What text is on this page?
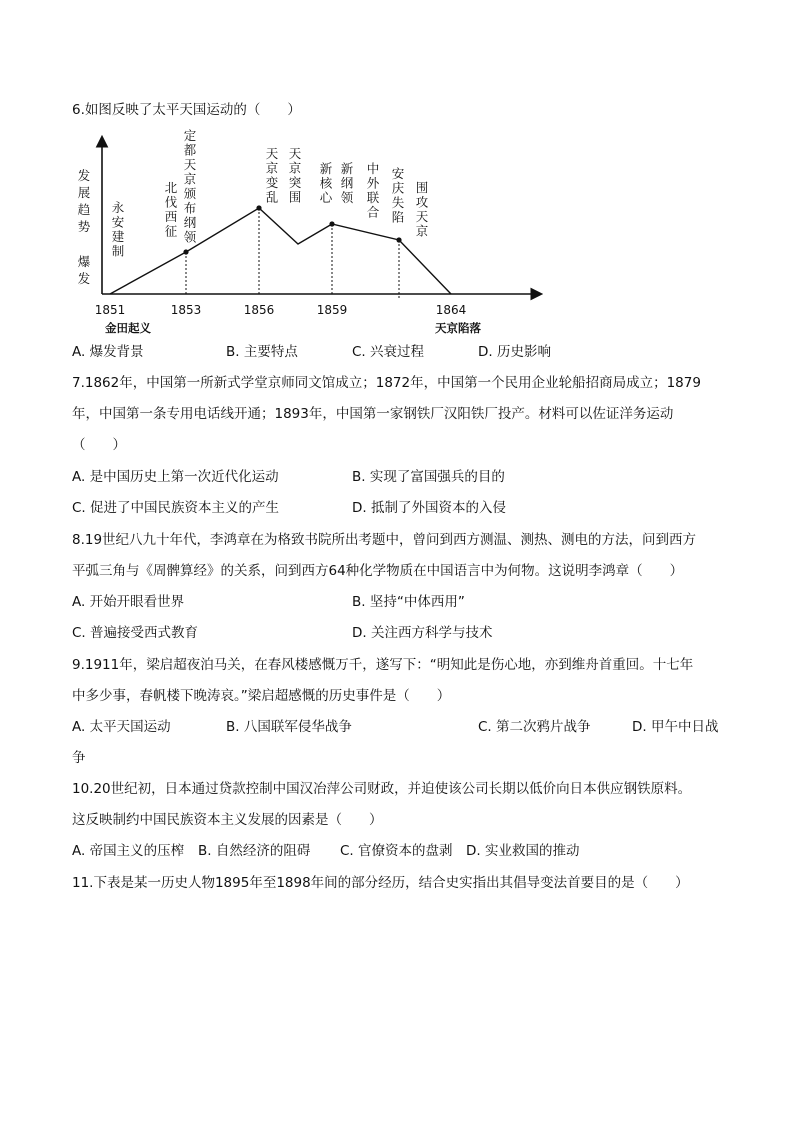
6.如图反映了太平天国运动的（　　）
发
展
趋
势
爆
发
永
安
建
制
定
都
天
京
颁
布
纲
领
北
伐
西
征
天
京
变
乱
天
京
突
围
新
核
心
新
纲
领
中
外
联
合
安
庆
失
陷
围
攻
天
京
1851	1853	1856	1859	1864
金田起义	天京陷落
A. 爆发背景	B. 主要特点	C. 兴衰过程	D. 历史影响
7.1862年，中国第一所新式学堂京师同文馆成立；1872年，中国第一个民用企业轮船招商局成立；1879
年，中国第一条专用电话线开通；1893年，中国第一家钢铁厂汉阳铁厂投产。材料可以佐证洋务运动
（　　）
A. 是中国历史上第一次近代化运动	B. 实现了富国强兵的目的
C. 促进了中国民族资本主义的产生	D. 抵制了外国资本的入侵
8.19世纪八九十年代，李鸿章在为格致书院所出考题中，曾问到西方测温、测热、测电的方法，问到西方
平弧三角与《周髀算经》的关系，问到西方64种化学物质在中国语言中为何物。这说明李鸿章（　　）
A. 开始开眼看世界	B. 坚持“中体西用”
C. 普遍接受西式教育	D. 关注西方科学与技术
9.1911年，梁启超夜泊马关，在春风楼感慨万千，遂写下：“明知此是伤心地，亦到维舟首重回。十七年
中多少事，春帆楼下晚涛哀。”梁启超感慨的历史事件是（　　）
A. 太平天国运动	B. 八国联军侵华战争	C. 第二次鸦片战争	D. 甲午中日战
争
10.20世纪初，日本通过贷款控制中国汉冶萍公司财政，并迫使该公司长期以低价向日本供应钢铁原料。
这反映制约中国民族资本主义发展的因素是（　　）
A. 帝国主义的压榨 B. 自然经济的阻碍 C. 官僚资本的盘剥 D. 实业救国的推动
11.下表是某一历史人物1895年至1898年间的部分经历，结合史实指出其倡导变法首要目的是（　　）
